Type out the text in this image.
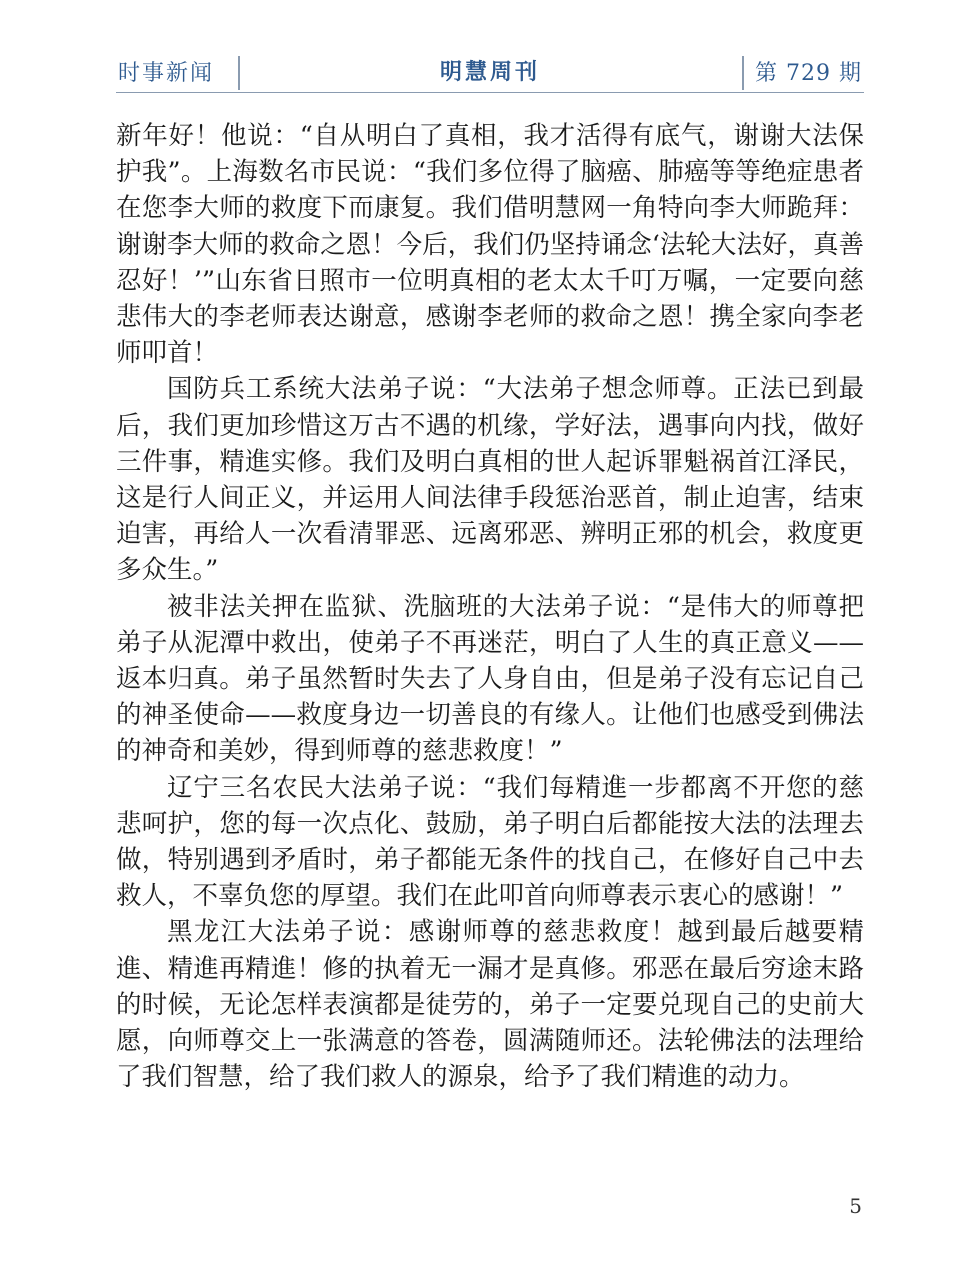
时事新闻	明慧周刊	第 729 期

新年好！他说：“自从明白了真相，我才活得有底气，谢谢大法保护我”。上海数名市民说：“我们多位得了脑癌、肺癌等等绝症患者在您李大师的救度下而康复。我们借明慧网一角特向李大师跪拜：谢谢李大师的救命之恩！今后，我们仍坚持诵念‘法轮大法好，真善忍好！’”山东省日照市一位明真相的老太太千叮万嘱，一定要向慈悲伟大的李老师表达谢意，感谢李老师的救命之恩！携全家向李老师叩首！

国防兵工系统大法弟子说：“大法弟子想念师尊。正法已到最后，我们更加珍惜这万古不遇的机缘，学好法，遇事向内找，做好三件事，精進实修。我们及明白真相的世人起诉罪魁祸首江泽民，这是行人间正义，并运用人间法律手段惩治恶首，制止迫害，结束迫害，再给人一次看清罪恶、远离邪恶、辨明正邪的机会，救度更多众生。”

被非法关押在监狱、洗脑班的大法弟子说：“是伟大的师尊把弟子从泥潭中救出，使弟子不再迷茫，明白了人生的真正意义——返本归真。弟子虽然暂时失去了人身自由，但是弟子没有忘记自己的神圣使命——救度身边一切善良的有缘人。让他们也感受到佛法的神奇和美妙，得到师尊的慈悲救度！”

辽宁三名农民大法弟子说：“我们每精進一步都离不开您的慈悲呵护，您的每一次点化、鼓励，弟子明白后都能按大法的法理去做，特别遇到矛盾时，弟子都能无条件的找自己，在修好自己中去救人，不辜负您的厚望。我们在此叩首向师尊表示衷心的感谢！”

黑龙江大法弟子说：感谢师尊的慈悲救度！越到最后越要精進、精進再精進！修的执着无一漏才是真修。邪恶在最后穷途末路的时候，无论怎样表演都是徒劳的，弟子一定要兑现自己的史前大愿，向师尊交上一张满意的答卷，圆满随师还。法轮佛法的法理给了我们智慧，给了我们救人的源泉，给予了我们精進的动力。

5
